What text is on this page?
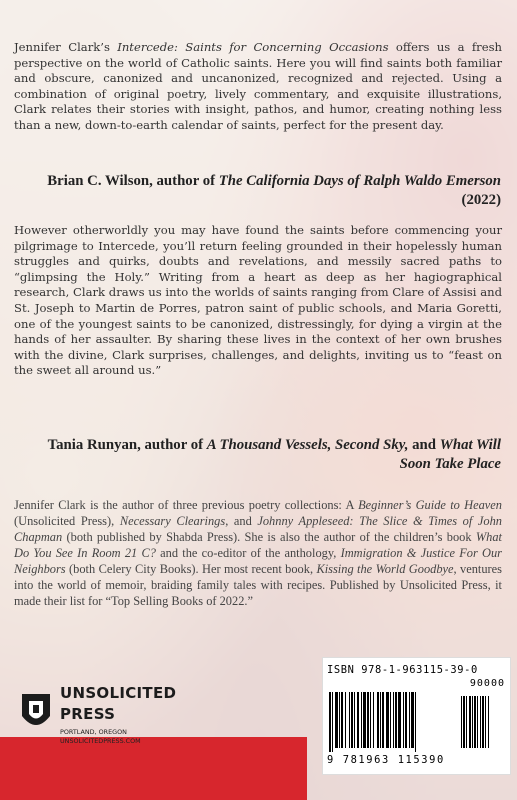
Jennifer Clark’s Intercede: Saints for Concerning Occasions offers us a fresh perspective on the world of Catholic saints. Here you will find saints both familiar and obscure, canonized and uncanonized, recognized and rejected. Using a combination of original poetry, lively commentary, and exquisite illustrations, Clark relates their stories with insight, pathos, and humor, creating nothing less than a new, down-to-earth calendar of saints, perfect for the present day.

Brian C. Wilson, author of The California Days of Ralph Waldo Emerson
(2022)

However otherworldly you may have found the saints before commencing your pilgrimage to Intercede, you’ll return feeling grounded in their hopelessly human struggles and quirks, doubts and revelations, and messily sacred paths to “glimpsing the Holy.” Writing from a heart as deep as her hagiographical research, Clark draws us into the worlds of saints ranging from Clare of Assisi and St. Joseph to Martin de Porres, patron saint of public schools, and Maria Goretti, one of the youngest saints to be canonized, distressingly, for dying a virgin at the hands of her assaulter. By sharing these lives in the context of her own brushes with the divine, Clark surprises, challenges, and delights, inviting us to “feast on the sweet all around us.”

Tania Runyan, author of A Thousand Vessels, Second Sky, and What Will Soon Take Place

Jennifer Clark is the author of three previous poetry collections: A Beginner’s Guide to Heaven (Unsolicited Press), Necessary Clearings, and Johnny Appleseed: The Slice & Times of John Chapman (both published by Shabda Press). She is also the author of the children’s book What Do You See In Room 21 C? and the co-editor of the anthology, Immigration & Justice For Our Neighbors (both Celery City Books). Her most recent book, Kissing the World Goodbye, ventures into the world of memoir, braiding family tales with recipes. Published by Unsolicited Press, it made their list for “Top Selling Books of 2022.”

UNSOLICITED
PRESS
PORTLAND, OREGON
UNSOLICITEDPRESS.COM
ISBN 978-1-963115-39-0
90000
9 781963 115390
